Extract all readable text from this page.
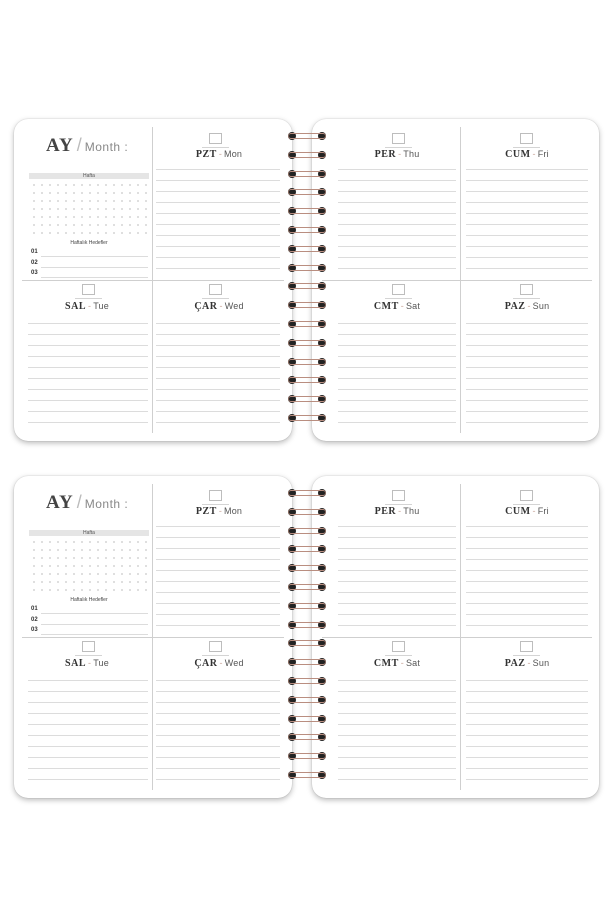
AY / Month :
Hafta
Haftalık Hedefler
01
02
03
PZT - Mon
SAL - Tue	ÇAR - Wed
PER - Thu	CUM - Fri
CMT - Sat	PAZ - Sun
AY / Month :
Hafta
Haftalık Hedefler
01
02
03
PZT - Mon
SAL - Tue	ÇAR - Wed
PER - Thu	CUM - Fri
CMT - Sat	PAZ - Sun
